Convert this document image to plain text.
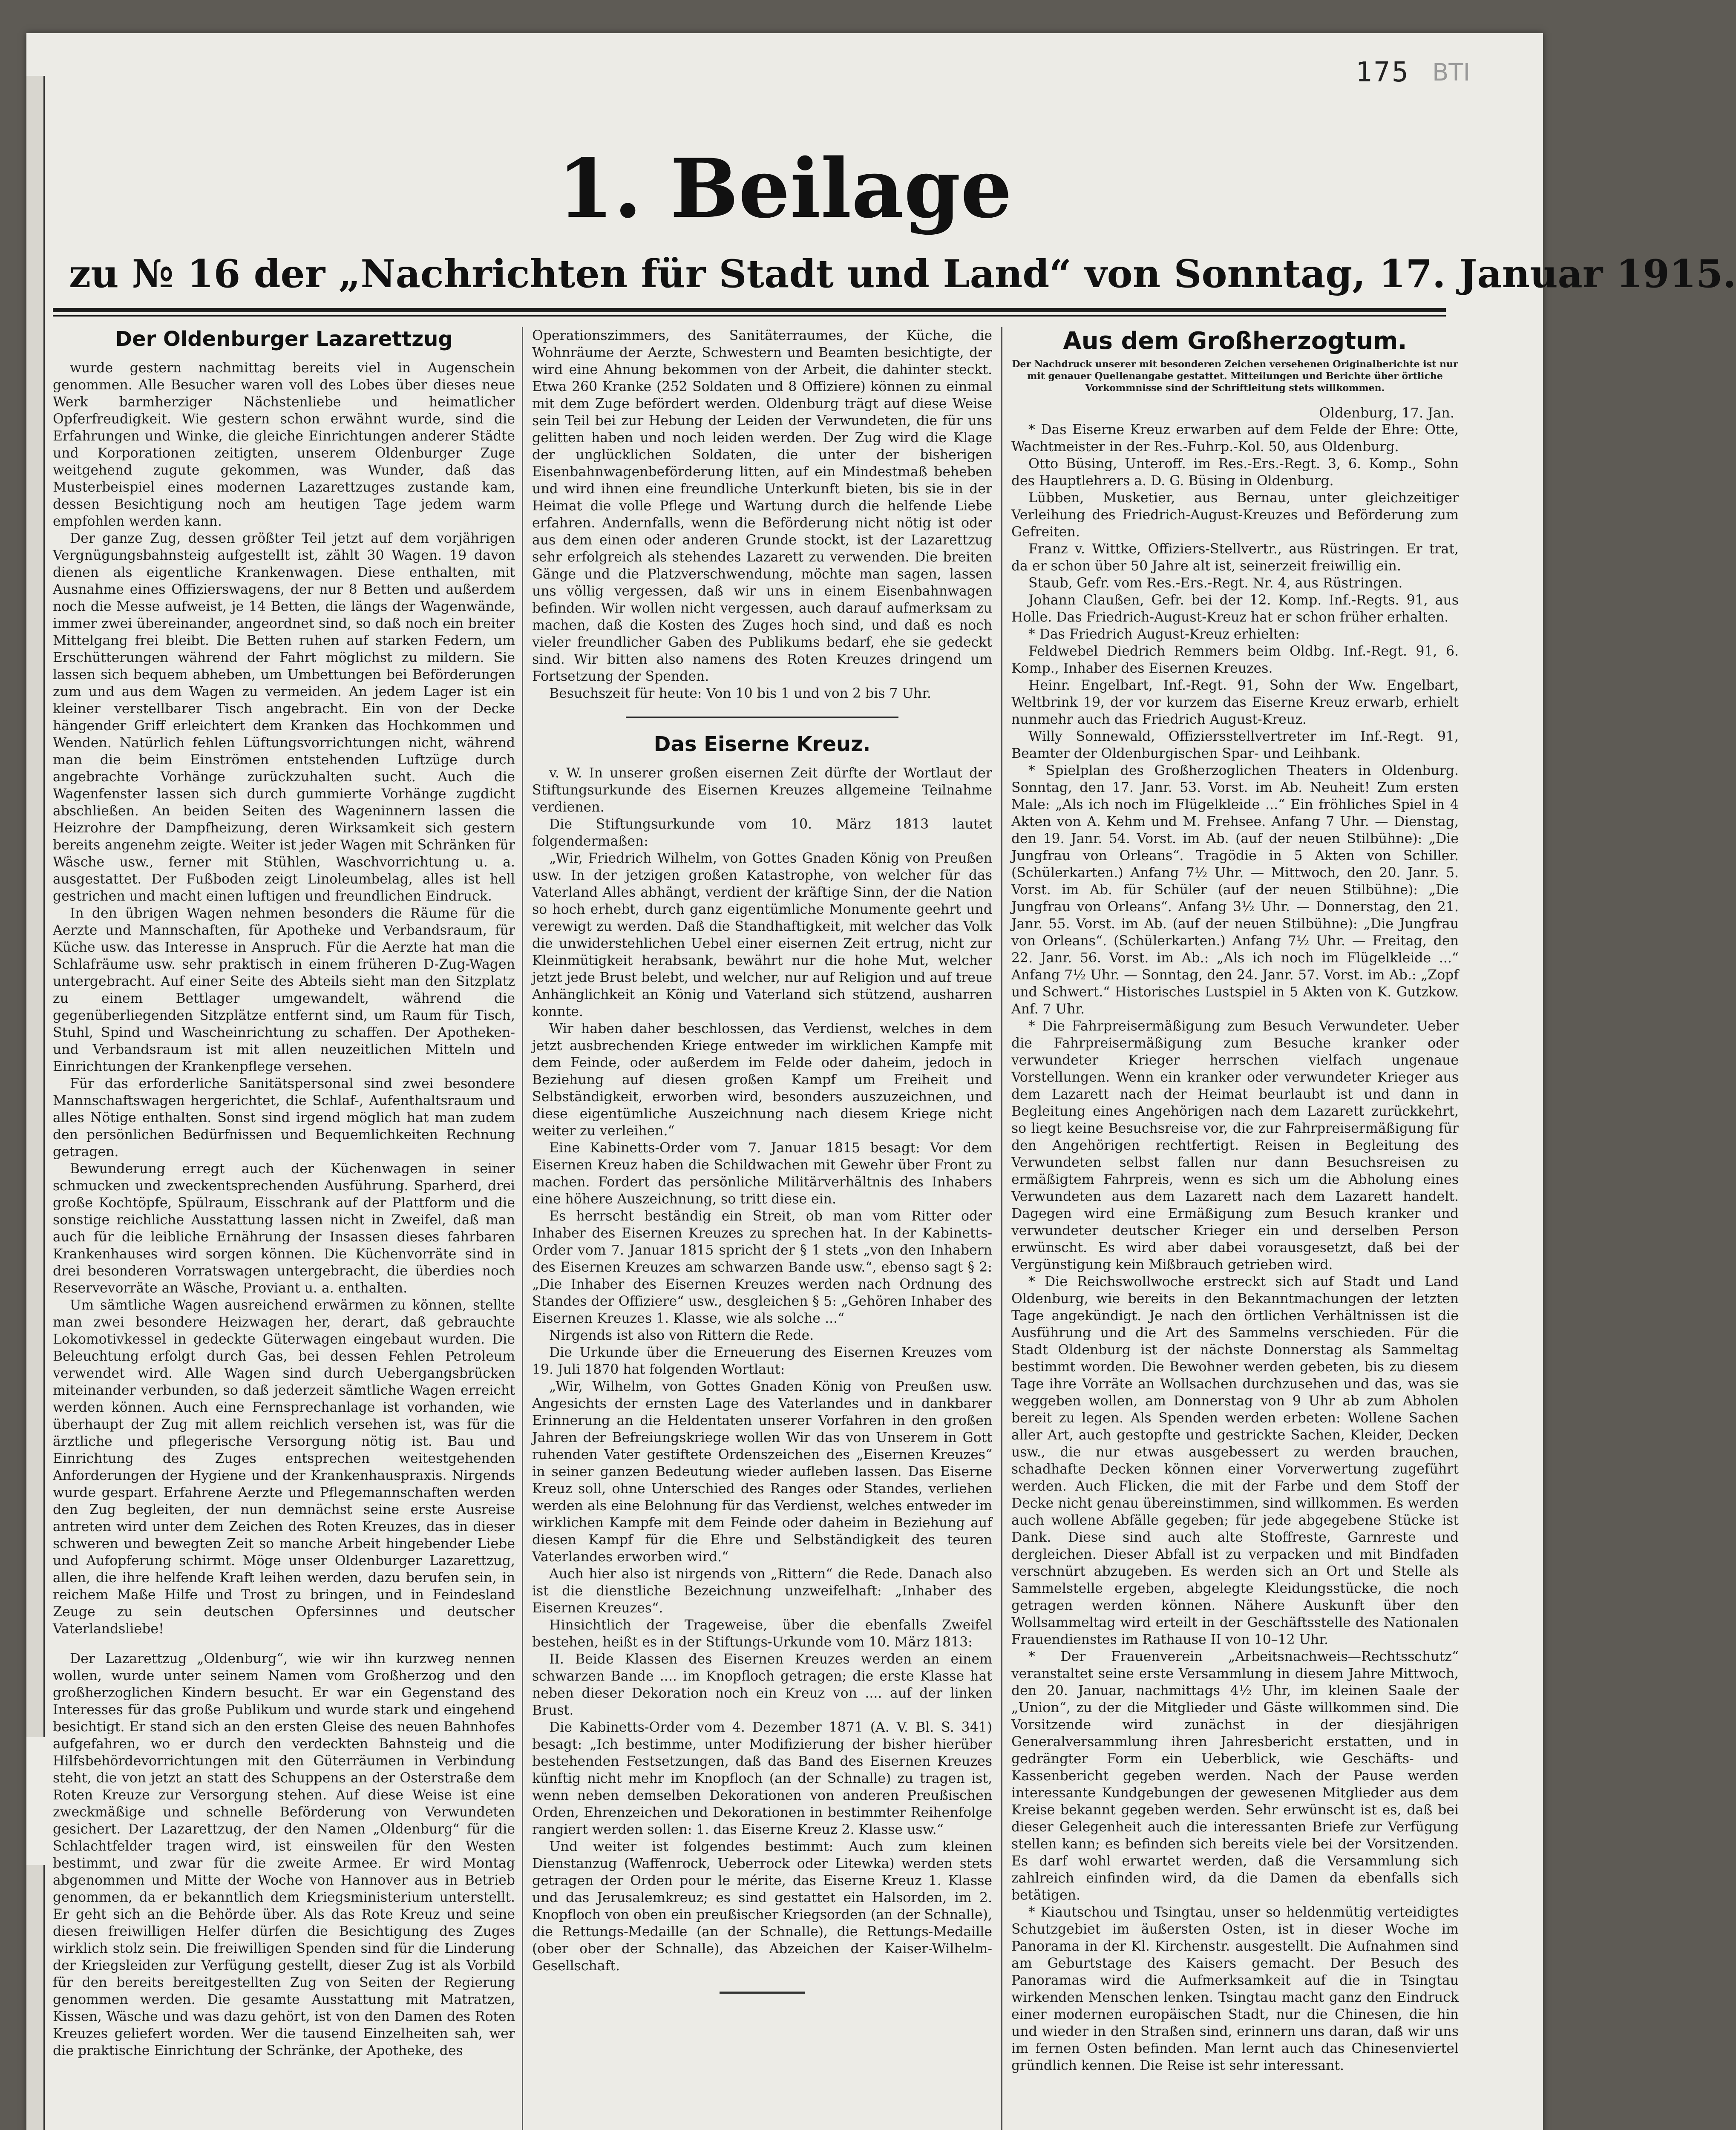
175 BTI
1. Beilage
zu № 16 der „Nachrichten für Stadt und Land“ von Sonntag, 17. Januar 1915.
Der Oldenburger Lazarettzug

wurde gestern nachmittag bereits viel in Augenschein genommen. Alle Besucher waren voll des Lobes über dieses neue Werk barmherziger Nächstenliebe und heimatlicher Opferfreudigkeit. Wie gestern schon erwähnt wurde, sind die Erfahrungen und Winke, die gleiche Einrichtungen anderer Städte und Korporationen zeitigten, unserem Oldenburger Zuge weitgehend zugute gekommen, was Wunder, daß das Musterbeispiel eines modernen Lazarettzuges zustande kam, dessen Besichtigung noch am heutigen Tage jedem warm empfohlen werden kann.

Der ganze Zug, dessen größter Teil jetzt auf dem vorjährigen Vergnügungsbahnsteig aufgestellt ist, zählt 30 Wagen. 19 davon dienen als eigentliche Krankenwagen. Diese enthalten, mit Ausnahme eines Offizierswagens, der nur 8 Betten und außerdem noch die Messe aufweist, je 14 Betten, die längs der Wagenwände, immer zwei übereinander, angeordnet sind, so daß noch ein breiter Mittelgang frei bleibt. Die Betten ruhen auf starken Federn, um Erschütterungen während der Fahrt möglichst zu mildern. Sie lassen sich bequem abheben, um Umbettungen bei Beförderungen zum und aus dem Wagen zu vermeiden. An jedem Lager ist ein kleiner verstellbarer Tisch angebracht. Ein von der Decke hängender Griff erleichtert dem Kranken das Hochkommen und Wenden. Natürlich fehlen Lüftungsvorrichtungen nicht, während man die beim Einströmen entstehenden Luftzüge durch angebrachte Vorhänge zurückzuhalten sucht. Auch die Wagenfenster lassen sich durch gummierte Vorhänge zugdicht abschließen. An beiden Seiten des Wageninnern lassen die Heizrohre der Dampfheizung, deren Wirksamkeit sich gestern bereits angenehm zeigte. Weiter ist jeder Wagen mit Schränken für Wäsche usw., ferner mit Stühlen, Waschvorrichtung u. a. ausgestattet. Der Fußboden zeigt Linoleumbelag, alles ist hell gestrichen und macht einen luftigen und freundlichen Eindruck.

In den übrigen Wagen nehmen besonders die Räume für die Aerzte und Mannschaften, für Apotheke und Verbandsraum, für Küche usw. das Interesse in Anspruch. Für die Aerzte hat man die Schlafräume usw. sehr praktisch in einem früheren D-Zug-Wagen untergebracht. Auf einer Seite des Abteils sieht man den Sitzplatz zu einem Bettlager umgewandelt, während die gegenüberliegenden Sitzplätze entfernt sind, um Raum für Tisch, Stuhl, Spind und Wascheinrichtung zu schaffen. Der Apotheken- und Verbandsraum ist mit allen neuzeitlichen Mitteln und Einrichtungen der Krankenpflege versehen.

Für das erforderliche Sanitätspersonal sind zwei besondere Mannschaftswagen hergerichtet, die Schlaf-, Aufenthaltsraum und alles Nötige enthalten. Sonst sind irgend möglich hat man zudem den persönlichen Bedürfnissen und Bequemlichkeiten Rechnung getragen.

Bewunderung erregt auch der Küchenwagen in seiner schmucken und zweckentsprechenden Ausführung. Sparherd, drei große Kochtöpfe, Spülraum, Eisschrank auf der Plattform und die sonstige reichliche Ausstattung lassen nicht in Zweifel, daß man auch für die leibliche Ernährung der Insassen dieses fahrbaren Krankenhauses wird sorgen können. Die Küchenvorräte sind in drei besonderen Vorratswagen untergebracht, die überdies noch Reservevorräte an Wäsche, Proviant u. a. enthalten.

Um sämtliche Wagen ausreichend erwärmen zu können, stellte man zwei besondere Heizwagen her, derart, daß gebrauchte Lokomotivkessel in gedeckte Güterwagen eingebaut wurden. Die Beleuchtung erfolgt durch Gas, bei dessen Fehlen Petroleum verwendet wird. Alle Wagen sind durch Uebergangsbrücken miteinander verbunden, so daß jederzeit sämtliche Wagen erreicht werden können. Auch eine Fernsprechanlage ist vorhanden, wie überhaupt der Zug mit allem reichlich versehen ist, was für die ärztliche und pflegerische Versorgung nötig ist. Bau und Einrichtung des Zuges entsprechen weitestgehenden Anforderungen der Hygiene und der Krankenhauspraxis. Nirgends wurde gespart. Erfahrene Aerzte und Pflegemannschaften werden den Zug begleiten, der nun demnächst seine erste Ausreise antreten wird unter dem Zeichen des Roten Kreuzes, das in dieser schweren und bewegten Zeit so manche Arbeit hingebender Liebe und Aufopferung schirmt. Möge unser Oldenburger Lazarettzug, allen, die ihre helfende Kraft leihen werden, dazu berufen sein, in reichem Maße Hilfe und Trost zu bringen, und in Feindesland Zeuge zu sein deutschen Opfersinnes und deutscher Vaterlandsliebe!

Der Lazarettzug „Oldenburg“, wie wir ihn kurzweg nennen wollen, wurde unter seinem Namen vom Großherzog und den großherzoglichen Kindern besucht. Er war ein Gegenstand des Interesses für das große Publikum und wurde stark und eingehend besichtigt. Er stand sich an den ersten Gleise des neuen Bahnhofes aufgefahren, wo er durch den verdeckten Bahnsteig und die Hilfsbehördevorrichtungen mit den Güterräumen in Verbindung steht, die von jetzt an statt des Schuppens an der Osterstraße dem Roten Kreuze zur Versorgung stehen. Auf diese Weise ist eine zweckmäßige und schnelle Beförderung von Verwundeten gesichert. Der Lazarettzug, der den Namen „Oldenburg“ für die Schlachtfelder tragen wird, ist einsweilen für den Westen bestimmt, und zwar für die zweite Armee. Er wird Montag abgenommen und Mitte der Woche von Hannover aus in Betrieb genommen, da er bekanntlich dem Kriegsministerium unterstellt. Er geht sich an die Behörde über. Als das Rote Kreuz und seine diesen freiwilligen Helfer dürfen die Besichtigung des Zuges wirklich stolz sein. Die freiwilligen Spenden sind für die Linderung der Kriegsleiden zur Verfügung gestellt, dieser Zug ist als Vorbild für den bereits bereitgestellten Zug von Seiten der Regierung genommen werden. Die gesamte Ausstattung mit Matratzen, Kissen, Wäsche und was dazu gehört, ist von den Damen des Roten Kreuzes geliefert worden. Wer die tausend Einzelheiten sah, wer die praktische Einrichtung der Schränke, der Apotheke, des

Operationszimmers, des Sanitäterraumes, der Küche, die Wohnräume der Aerzte, Schwestern und Beamten besichtigte, der wird eine Ahnung bekommen von der Arbeit, die dahinter steckt. Etwa 260 Kranke (252 Soldaten und 8 Offiziere) können zu einmal mit dem Zuge befördert werden. Oldenburg trägt auf diese Weise sein Teil bei zur Hebung der Leiden der Verwundeten, die für uns gelitten haben und noch leiden werden. Der Zug wird die Klage der unglücklichen Soldaten, die unter der bisherigen Eisenbahnwagenbeförderung litten, auf ein Mindestmaß beheben und wird ihnen eine freundliche Unterkunft bieten, bis sie in der Heimat die volle Pflege und Wartung durch die helfende Liebe erfahren. Andernfalls, wenn die Beförderung nicht nötig ist oder aus dem einen oder anderen Grunde stockt, ist der Lazarettzug sehr erfolgreich als stehendes Lazarett zu verwenden. Die breiten Gänge und die Platzverschwendung, möchte man sagen, lassen uns völlig vergessen, daß wir uns in einem Eisenbahnwagen befinden. Wir wollen nicht vergessen, auch darauf aufmerksam zu machen, daß die Kosten des Zuges hoch sind, und daß es noch vieler freundlicher Gaben des Publikums bedarf, ehe sie gedeckt sind. Wir bitten also namens des Roten Kreuzes dringend um Fortsetzung der Spenden.

Besuchszeit für heute: Von 10 bis 1 und von 2 bis 7 Uhr.

Das Eiserne Kreuz.

v. W. In unserer großen eisernen Zeit dürfte der Wortlaut der Stiftungsurkunde des Eisernen Kreuzes allgemeine Teilnahme verdienen.

Die Stiftungsurkunde vom 10. März 1813 lautet folgendermaßen:

„Wir, Friedrich Wilhelm, von Gottes Gnaden König von Preußen usw. In der jetzigen großen Katastrophe, von welcher für das Vaterland Alles abhängt, verdient der kräftige Sinn, der die Nation so hoch erhebt, durch ganz eigentümliche Monumente geehrt und verewigt zu werden. Daß die Standhaftigkeit, mit welcher das Volk die unwiderstehlichen Uebel einer eisernen Zeit ertrug, nicht zur Kleinmütigkeit herabsank, bewährt nur die hohe Mut, welcher jetzt jede Brust belebt, und welcher, nur auf Religion und auf treue Anhänglichkeit an König und Vaterland sich stützend, ausharren konnte.

Wir haben daher beschlossen, das Verdienst, welches in dem jetzt ausbrechenden Kriege entweder im wirklichen Kampfe mit dem Feinde, oder außerdem im Felde oder daheim, jedoch in Beziehung auf diesen großen Kampf um Freiheit und Selbständigkeit, erworben wird, besonders auszuzeichnen, und diese eigentümliche Auszeichnung nach diesem Kriege nicht weiter zu verleihen.“

Eine Kabinetts-Order vom 7. Januar 1815 besagt: Vor dem Eisernen Kreuz haben die Schildwachen mit Gewehr über Front zu machen. Fordert das persönliche Militärverhältnis des Inhabers eine höhere Auszeichnung, so tritt diese ein.

Es herrscht beständig ein Streit, ob man vom Ritter oder Inhaber des Eisernen Kreuzes zu sprechen hat. In der Kabinetts-Order vom 7. Januar 1815 spricht der § 1 stets „von den Inhabern des Eisernen Kreuzes am schwarzen Bande usw.“, ebenso sagt § 2: „Die Inhaber des Eisernen Kreuzes werden nach Ordnung des Standes der Offiziere“ usw., desgleichen § 5: „Gehören Inhaber des Eisernen Kreuzes 1. Klasse, wie als solche ...“

Nirgends ist also von Rittern die Rede.

Die Urkunde über die Erneuerung des Eisernen Kreuzes vom 19. Juli 1870 hat folgenden Wortlaut:

„Wir, Wilhelm, von Gottes Gnaden König von Preußen usw. Angesichts der ernsten Lage des Vaterlandes und in dankbarer Erinnerung an die Heldentaten unserer Vorfahren in den großen Jahren der Befreiungskriege wollen Wir das von Unserem in Gott ruhenden Vater gestiftete Ordenszeichen des „Eisernen Kreuzes“ in seiner ganzen Bedeutung wieder aufleben lassen. Das Eiserne Kreuz soll, ohne Unterschied des Ranges oder Standes, verliehen werden als eine Belohnung für das Verdienst, welches entweder im wirklichen Kampfe mit dem Feinde oder daheim in Beziehung auf diesen Kampf für die Ehre und Selbständigkeit des teuren Vaterlandes erworben wird.“

Auch hier also ist nirgends von „Rittern“ die Rede. Danach also ist die dienstliche Bezeichnung unzweifelhaft: „Inhaber des Eisernen Kreuzes“.

Hinsichtlich der Trageweise, über die ebenfalls Zweifel bestehen, heißt es in der Stiftungs-Urkunde vom 10. März 1813:

II. Beide Klassen des Eisernen Kreuzes werden an einem schwarzen Bande .... im Knopfloch getragen; die erste Klasse hat neben dieser Dekoration noch ein Kreuz von .... auf der linken Brust.

Die Kabinetts-Order vom 4. Dezember 1871 (A. V. Bl. S. 341) besagt: „Ich bestimme, unter Modifizierung der bisher hierüber bestehenden Festsetzungen, daß das Band des Eisernen Kreuzes künftig nicht mehr im Knopfloch (an der Schnalle) zu tragen ist, wenn neben demselben Dekorationen von anderen Preußischen Orden, Ehrenzeichen und Dekorationen in bestimmter Reihenfolge rangiert werden sollen: 1. das Eiserne Kreuz 2. Klasse usw.“

Und weiter ist folgendes bestimmt: Auch zum kleinen Dienstanzug (Waffenrock, Ueberrock oder Litewka) werden stets getragen der Orden pour le mérite, das Eiserne Kreuz 1. Klasse und das Jerusalemkreuz; es sind gestattet ein Halsorden, im 2. Knopfloch von oben ein preußischer Kriegsorden (an der Schnalle), die Rettungs-Medaille (an der Schnalle), die Rettungs-Medaille (ober ober der Schnalle), das Abzeichen der Kaiser-Wilhelm-Gesellschaft.

Aus dem Großherzogtum.
Der Nachdruck unserer mit besonderen Zeichen versehenen Originalberichte ist nur mit genauer Quellenangabe gestattet. Mitteilungen und Berichte über örtliche Vorkommnisse sind der Schriftleitung stets willkommen.

Oldenburg, 17. Jan.

* Das Eiserne Kreuz erwarben auf dem Felde der Ehre: Otte, Wachtmeister in der Res.-Fuhrp.-Kol. 50, aus Oldenburg.

Otto Büsing, Unteroff. im Res.-Ers.-Regt. 3, 6. Komp., Sohn des Hauptlehrers a. D. G. Büsing in Oldenburg.

Lübben, Musketier, aus Bernau, unter gleichzeitiger Verleihung des Friedrich-August-Kreuzes und Beförderung zum Gefreiten.

Franz v. Wittke, Offiziers-Stellvertr., aus Rüstringen. Er trat, da er schon über 50 Jahre alt ist, seinerzeit freiwillig ein.

Staub, Gefr. vom Res.-Ers.-Regt. Nr. 4, aus Rüstringen.

Johann Claußen, Gefr. bei der 12. Komp. Inf.-Regts. 91, aus Holle. Das Friedrich-August-Kreuz hat er schon früher erhalten.

* Das Friedrich August-Kreuz erhielten:

Feldwebel Diedrich Remmers beim Oldbg. Inf.-Regt. 91, 6. Komp., Inhaber des Eisernen Kreuzes.

Heinr. Engelbart, Inf.-Regt. 91, Sohn der Ww. Engelbart, Weltbrink 19, der vor kurzem das Eiserne Kreuz erwarb, erhielt nunmehr auch das Friedrich August-Kreuz.

Willy Sonnewald, Offiziersstellvertreter im Inf.-Regt. 91, Beamter der Oldenburgischen Spar- und Leihbank.

* Spielplan des Großherzoglichen Theaters in Oldenburg. Sonntag, den 17. Janr. 53. Vorst. im Ab. Neuheit! Zum ersten Male: „Als ich noch im Flügelkleide ...“ Ein fröhliches Spiel in 4 Akten von A. Kehm und M. Frehsee. Anfang 7 Uhr. — Dienstag, den 19. Janr. 54. Vorst. im Ab. (auf der neuen Stilbühne): „Die Jungfrau von Orleans“. Tragödie in 5 Akten von Schiller. (Schülerkarten.) Anfang 7½ Uhr. — Mittwoch, den 20. Janr. 5. Vorst. im Ab. für Schüler (auf der neuen Stilbühne): „Die Jungfrau von Orleans“. Anfang 3½ Uhr. — Donnerstag, den 21. Janr. 55. Vorst. im Ab. (auf der neuen Stilbühne): „Die Jungfrau von Orleans“. (Schülerkarten.) Anfang 7½ Uhr. — Freitag, den 22. Janr. 56. Vorst. im Ab.: „Als ich noch im Flügelkleide ...“ Anfang 7½ Uhr. — Sonntag, den 24. Janr. 57. Vorst. im Ab.: „Zopf und Schwert.“ Historisches Lustspiel in 5 Akten von K. Gutzkow. Anf. 7 Uhr.

* Die Fahrpreisermäßigung zum Besuch Verwundeter. Ueber die Fahrpreisermäßigung zum Besuche kranker oder verwundeter Krieger herrschen vielfach ungenaue Vorstellungen. Wenn ein kranker oder verwundeter Krieger aus dem Lazarett nach der Heimat beurlaubt ist und dann in Begleitung eines Angehörigen nach dem Lazarett zurückkehrt, so liegt keine Besuchsreise vor, die zur Fahrpreisermäßigung für den Angehörigen rechtfertigt. Reisen in Begleitung des Verwundeten selbst fallen nur dann Besuchsreisen zu ermäßigtem Fahrpreis, wenn es sich um die Abholung eines Verwundeten aus dem Lazarett nach dem Lazarett handelt. Dagegen wird eine Ermäßigung zum Besuch kranker und verwundeter deutscher Krieger ein und derselben Person erwünscht. Es wird aber dabei vorausgesetzt, daß bei der Vergünstigung kein Mißbrauch getrieben wird.

* Die Reichswollwoche erstreckt sich auf Stadt und Land Oldenburg, wie bereits in den Bekanntmachungen der letzten Tage angekündigt. Je nach den örtlichen Verhältnissen ist die Ausführung und die Art des Sammelns verschieden. Für die Stadt Oldenburg ist der nächste Donnerstag als Sammeltag bestimmt worden. Die Bewohner werden gebeten, bis zu diesem Tage ihre Vorräte an Wollsachen durchzusehen und das, was sie weggeben wollen, am Donnerstag von 9 Uhr ab zum Abholen bereit zu legen. Als Spenden werden erbeten: Wollene Sachen aller Art, auch gestopfte und gestrickte Sachen, Kleider, Decken usw., die nur etwas ausgebessert zu werden brauchen, schadhafte Decken können einer Vorverwertung zugeführt werden. Auch Flicken, die mit der Farbe und dem Stoff der Decke nicht genau übereinstimmen, sind willkommen. Es werden auch wollene Abfälle gegeben; für jede abgegebene Stücke ist Dank. Diese sind auch alte Stoffreste, Garnreste und dergleichen. Dieser Abfall ist zu verpacken und mit Bindfaden verschnürt abzugeben. Es werden sich an Ort und Stelle als Sammelstelle ergeben, abgelegte Kleidungsstücke, die noch getragen werden können. Nähere Auskunft über den Wollsammeltag wird erteilt in der Geschäftsstelle des Nationalen Frauendienstes im Rathause II von 10–12 Uhr.

* Der Frauenverein „Arbeitsnachweis—Rechtsschutz“ veranstaltet seine erste Versammlung in diesem Jahre Mittwoch, den 20. Januar, nachmittags 4½ Uhr, im kleinen Saale der „Union“, zu der die Mitglieder und Gäste willkommen sind. Die Vorsitzende wird zunächst in der diesjährigen Generalversammlung ihren Jahresbericht erstatten, und in gedrängter Form ein Ueberblick, wie Geschäfts- und Kassenbericht gegeben werden. Nach der Pause werden interessante Kundgebungen der gewesenen Mitglieder aus dem Kreise bekannt gegeben werden. Sehr erwünscht ist es, daß bei dieser Gelegenheit auch die interessanten Briefe zur Verfügung stellen kann; es befinden sich bereits viele bei der Vorsitzenden. Es darf wohl erwartet werden, daß die Versammlung sich zahlreich einfinden wird, da die Damen da ebenfalls sich betätigen.

* Kiautschou und Tsingtau, unser so heldenmütig verteidigtes Schutzgebiet im äußersten Osten, ist in dieser Woche im Panorama in der Kl. Kirchenstr. ausgestellt. Die Aufnahmen sind am Geburtstage des Kaisers gemacht. Der Besuch des Panoramas wird die Aufmerksamkeit auf die in Tsingtau wirkenden Menschen lenken. Tsingtau macht ganz den Eindruck einer modernen europäischen Stadt, nur die Chinesen, die hin und wieder in den Straßen sind, erinnern uns daran, daß wir uns im fernen Osten befinden. Man lernt auch das Chinesenviertel gründlich kennen. Die Reise ist sehr interessant.
